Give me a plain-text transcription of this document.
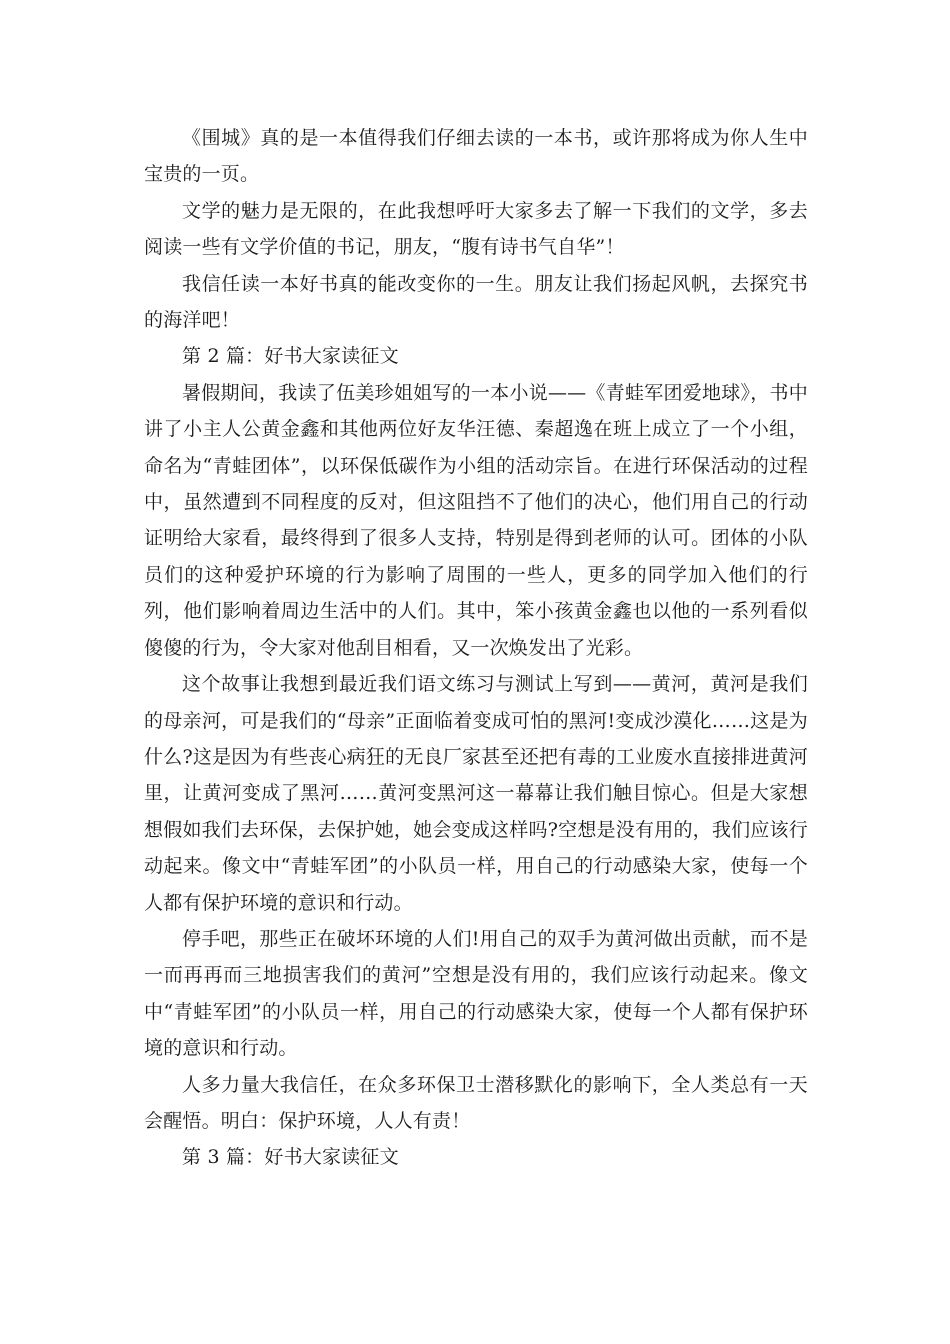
《围城》真的是一本值得我们仔细去读的一本书，或许那将成为你人生中宝贵的一页。

文学的魅力是无限的，在此我想呼吁大家多去了解一下我们的文学，多去阅读一些有文学价值的书记，朋友，“腹有诗书气自华”！

我信任读一本好书真的能改变你的一生。朋友让我们扬起风帆，去探究书的海洋吧！

第 2 篇：好书大家读征文

暑假期间，我读了伍美珍姐姐写的一本小说——《青蛙军团爱地球》，书中讲了小主人公黄金鑫和其他两位好友华汪德、秦超逸在班上成立了一个小组，命名为“青蛙团体”，以环保低碳作为小组的活动宗旨。在进行环保活动的过程中，虽然遭到不同程度的反对，但这阻挡不了他们的决心，他们用自己的行动证明给大家看，最终得到了很多人支持，特别是得到老师的认可。团体的小队员们的这种爱护环境的行为影响了周围的一些人，更多的同学加入他们的行列，他们影响着周边生活中的人们。其中，笨小孩黄金鑫也以他的一系列看似傻傻的行为，令大家对他刮目相看，又一次焕发出了光彩。

这个故事让我想到最近我们语文练习与测试上写到——黄河，黄河是我们的母亲河，可是我们的“母亲”正面临着变成可怕的黑河!变成沙漠化……这是为什么?这是因为有些丧心病狂的无良厂家甚至还把有毒的工业废水直接排进黄河里，让黄河变成了黑河……黄河变黑河这一幕幕让我们触目惊心。但是大家想想假如我们去环保，去保护她，她会变成这样吗?空想是没有用的，我们应该行动起来。像文中“青蛙军团”的小队员一样，用自己的行动感染大家，使每一个人都有保护环境的意识和行动。

停手吧，那些正在破坏环境的人们!用自己的双手为黄河做出贡献，而不是一而再再而三地损害我们的黄河”空想是没有用的，我们应该行动起来。像文中“青蛙军团”的小队员一样，用自己的行动感染大家，使每一个人都有保护环境的意识和行动。

人多力量大我信任，在众多环保卫士潜移默化的影响下，全人类总有一天会醒悟。明白：保护环境，人人有责！

第 3 篇：好书大家读征文
